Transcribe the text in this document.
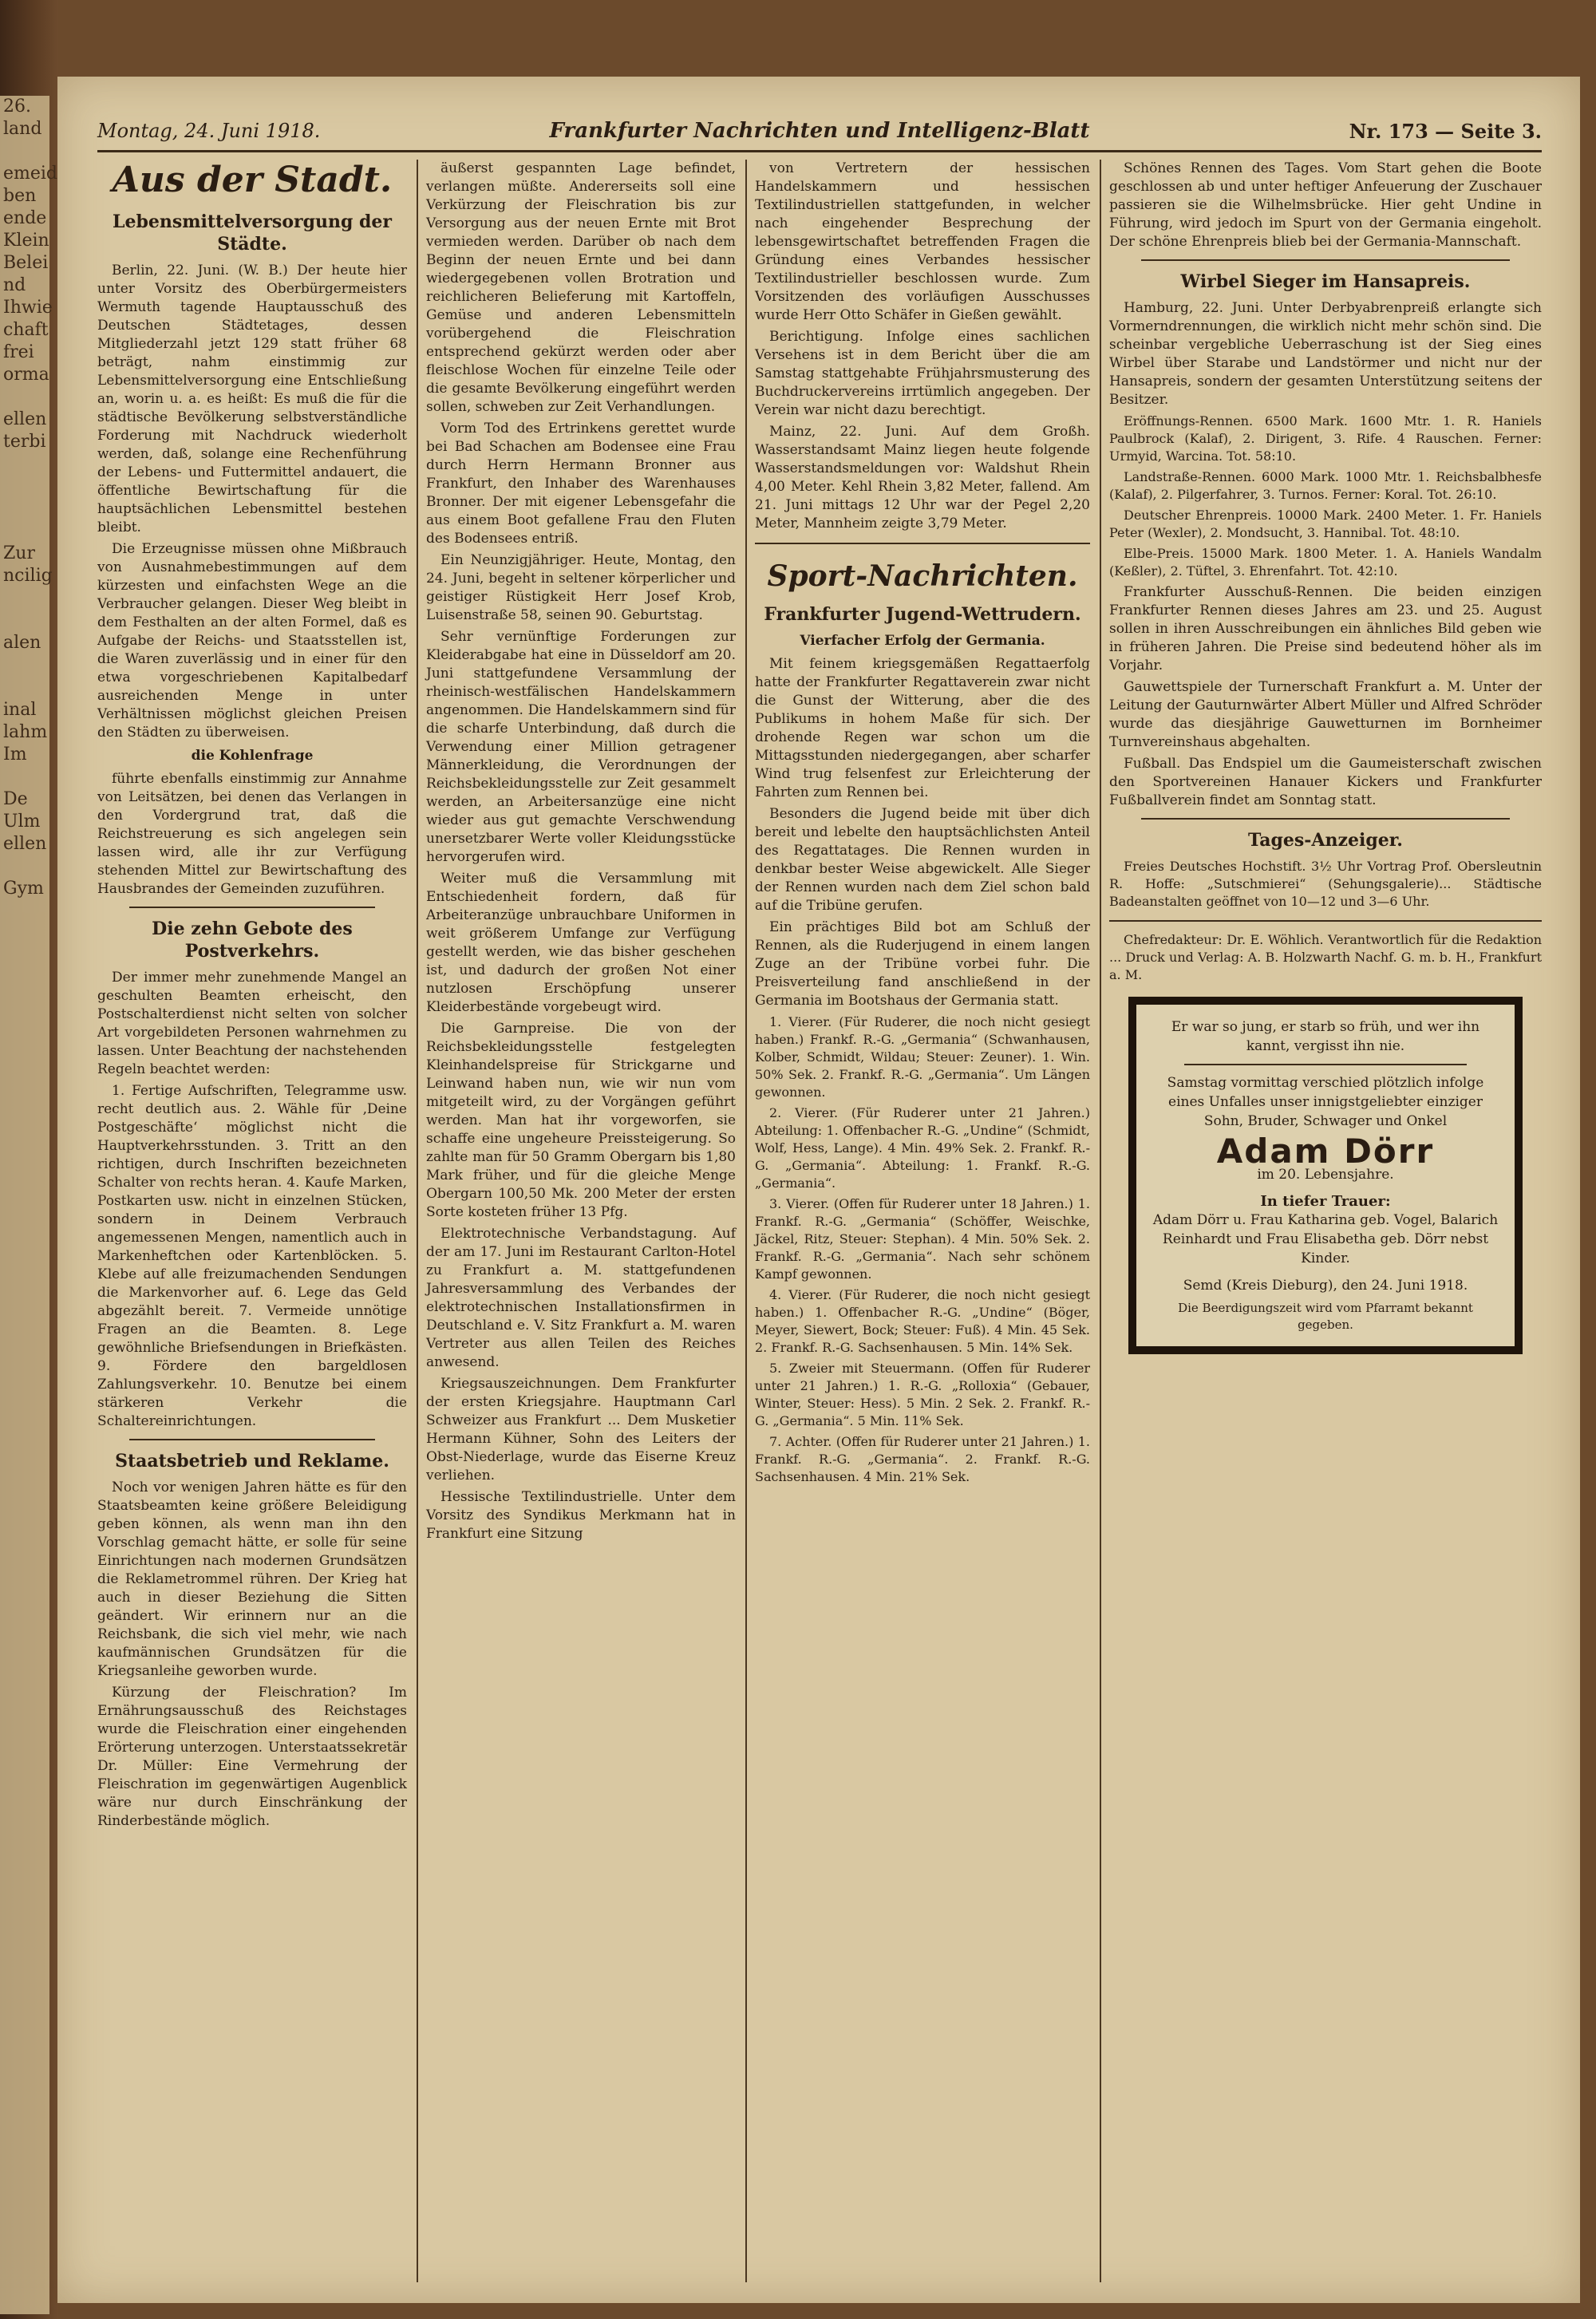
26.
land

emeid
ben
ende
Klein
Belei
nd
Ihwie
chaft
frei
orma

ellen
terbi

Zur
ncilig

alen

inal
lahm
Im

De
Ulm
ellen

Gym
Montag, 24. Juni 1918.	Frankfurter Nachrichten und Intelligenz-Blatt	Nr. 173 — Seite 3.
Aus der Stadt.
Lebensmittelversorgung der Städte.

Berlin, 22. Juni. (W. B.) Der heute hier unter Vorsitz des Oberbürgermeisters Wermuth tagende Hauptausschuß des Deutschen Städtetages, dessen Mitgliederzahl jetzt 129 statt früher 68 beträgt, nahm einstimmig zur Lebensmittelversorgung eine Entschließung an, worin u. a. es heißt: Es muß die für die städtische Bevölkerung selbstverständliche Forderung mit Nachdruck wiederholt werden, daß, solange eine Rechenführung der Lebens- und Futtermittel andauert, die öffentliche Bewirtschaftung für die hauptsächlichen Lebensmittel bestehen bleibt.

Die Erzeugnisse müssen ohne Mißbrauch von Ausnahmebestimmungen auf dem kürzesten und einfachsten Wege an die Verbraucher gelangen. Dieser Weg bleibt in dem Festhalten an der alten Formel, daß es Aufgabe der Reichs- und Staatsstellen ist, die Waren zuverlässig und in einer für den etwa vorgeschriebenen Kapitalbedarf ausreichenden Menge in unter Verhältnissen möglichst gleichen Preisen den Städten zu überweisen.

die Kohlenfrage

führte ebenfalls einstimmig zur Annahme von Leitsätzen, bei denen das Verlangen in den Vordergrund trat, daß die Reichstreuerung es sich angelegen sein lassen wird, alle ihr zur Verfügung stehenden Mittel zur Bewirtschaftung des Hausbrandes der Gemeinden zuzuführen.

Die zehn Gebote des Postverkehrs.

Der immer mehr zunehmende Mangel an geschulten Beamten erheischt, den Postschalterdienst nicht selten von solcher Art vorgebildeten Personen wahrnehmen zu lassen. Unter Beachtung der nachstehenden Regeln beachtet werden:

1. Fertige Aufschriften, Telegramme usw. recht deutlich aus. 2. Wähle für ‚Deine Postgeschäfte‘ möglichst nicht die Hauptverkehrsstunden. 3. Tritt an den richtigen, durch Inschriften bezeichneten Schalter von rechts heran. 4. Kaufe Marken, Postkarten usw. nicht in einzelnen Stücken, sondern in Deinem Verbrauch angemessenen Mengen, namentlich auch in Markenheftchen oder Kartenblöcken. 5. Klebe auf alle freizumachenden Sendungen die Markenvorher auf. 6. Lege das Geld abgezählt bereit. 7. Vermeide unnötige Fragen an die Beamten. 8. Lege gewöhnliche Briefsendungen in Briefkästen. 9. Fördere den bargeldlosen Zahlungsverkehr. 10. Benutze bei einem stärkeren Verkehr die Schaltereinrichtungen.

Staatsbetrieb und Reklame.

Noch vor wenigen Jahren hätte es für den Staatsbeamten keine größere Beleidigung geben können, als wenn man ihn den Vorschlag gemacht hätte, er solle für seine Einrichtungen nach modernen Grundsätzen die Reklametrommel rühren. Der Krieg hat auch in dieser Beziehung die Sitten geändert. Wir erinnern nur an die Reichsbank, die sich viel mehr, wie nach kaufmännischen Grundsätzen für die Kriegsanleihe geworben wurde.

Kürzung der Fleischration? Im Ernährungsausschuß des Reichstages wurde die Fleischration einer eingehenden Erörterung unterzogen. Unterstaatssekretär Dr. Müller: Eine Vermehrung der Fleischration im gegenwärtigen Augenblick wäre nur durch Einschränkung der Rinderbestände möglich.

äußerst gespannten Lage befindet, verlangen müßte. Andererseits soll eine Verkürzung der Fleischration bis zur Versorgung aus der neuen Ernte mit Brot vermieden werden. Darüber ob nach dem Beginn der neuen Ernte und bei dann wiedergegebenen vollen Brotration und reichlicheren Belieferung mit Kartoffeln, Gemüse und anderen Lebensmitteln vorübergehend die Fleischration entsprechend gekürzt werden oder aber fleischlose Wochen für einzelne Teile oder die gesamte Bevölkerung eingeführt werden sollen, schweben zur Zeit Verhandlungen.

Vorm Tod des Ertrinkens gerettet wurde bei Bad Schachen am Bodensee eine Frau durch Herrn Hermann Bronner aus Frankfurt, den Inhaber des Warenhauses Bronner. Der mit eigener Lebensgefahr die aus einem Boot gefallene Frau den Fluten des Bodensees entriß.

Ein Neunzigjähriger. Heute, Montag, den 24. Juni, begeht in seltener körperlicher und geistiger Rüstigkeit Herr Josef Krob, Luisenstraße 58, seinen 90. Geburtstag.

Sehr vernünftige Forderungen zur Kleiderabgabe hat eine in Düsseldorf am 20. Juni stattgefundene Versammlung der rheinisch-westfälischen Handelskammern angenommen. Die Handelskammern sind für die scharfe Unterbindung, daß durch die Verwendung einer Million getragener Männerkleidung, die Verordnungen der Reichsbekleidungsstelle zur Zeit gesammelt werden, an Arbeitersanzüge eine nicht wieder aus gut gemachte Verschwendung unersetzbarer Werte voller Kleidungsstücke hervorgerufen wird.

Weiter muß die Versammlung mit Entschiedenheit fordern, daß für Arbeiteranzüge unbrauchbare Uniformen in weit größerem Umfange zur Verfügung gestellt werden, wie das bisher geschehen ist, und dadurch der großen Not einer nutzlosen Erschöpfung unserer Kleiderbestände vorgebeugt wird.

Die Garnpreise. Die von der Reichsbekleidungsstelle festgelegten Kleinhandelspreise für Strickgarne und Leinwand haben nun, wie wir nun vom mitgeteilt wird, zu der Vorgängen geführt werden. Man hat ihr vorgeworfen, sie schaffe eine ungeheure Preissteigerung. So zahlte man für 50 Gramm Obergarn bis 1,80 Mark früher, und für die gleiche Menge Obergarn 100,50 Mk. 200 Meter der ersten Sorte kosteten früher 13 Pfg.

Elektrotechnische Verbandstagung. Auf der am 17. Juni im Restaurant Carlton-Hotel zu Frankfurt a. M. stattgefundenen Jahresversammlung des Verbandes der elektrotechnischen Installationsfirmen in Deutschland e. V. Sitz Frankfurt a. M. waren Vertreter aus allen Teilen des Reiches anwesend.

Kriegsauszeichnungen. Dem Frankfurter der ersten Kriegsjahre. Hauptmann Carl Schweizer aus Frankfurt ... Dem Musketier Hermann Kühner, Sohn des Leiters der Obst-Niederlage, wurde das Eiserne Kreuz verliehen.

Hessische Textilindustrielle. Unter dem Vorsitz des Syndikus Merkmann hat in Frankfurt eine Sitzung

von Vertretern der hessischen Handelskammern und hessischen Textilindustriellen stattgefunden, in welcher nach eingehender Besprechung der lebensgewirtschaftet betreffenden Fragen die Gründung eines Verbandes hessischer Textilindustrieller beschlossen wurde. Zum Vorsitzenden des vorläufigen Ausschusses wurde Herr Otto Schäfer in Gießen gewählt.

Berichtigung. Infolge eines sachlichen Versehens ist in dem Bericht über die am Samstag stattgehabte Frühjahrsmusterung des Buchdruckervereins irrtümlich angegeben. Der Verein war nicht dazu berechtigt.

Mainz, 22. Juni. Auf dem Großh. Wasserstandsamt Mainz liegen heute folgende Wasserstandsmeldungen vor: Waldshut Rhein 4,00 Meter. Kehl Rhein 3,82 Meter, fallend. Am 21. Juni mittags 12 Uhr war der Pegel 2,20 Meter, Mannheim zeigte 3,79 Meter.

Sport-Nachrichten.
Frankfurter Jugend-Wettrudern.
Vierfacher Erfolg der Germania.

Mit feinem kriegsgemäßen Regattaerfolg hatte der Frankfurter Regattaverein zwar nicht die Gunst der Witterung, aber die des Publikums in hohem Maße für sich. Der drohende Regen war schon um die Mittagsstunden niedergegangen, aber scharfer Wind trug felsenfest zur Erleichterung der Fahrten zum Rennen bei.

Besonders die Jugend beide mit über dich bereit und lebelte den hauptsächlichsten Anteil des Regattatages. Die Rennen wurden in denkbar bester Weise abgewickelt. Alle Sieger der Rennen wurden nach dem Ziel schon bald auf die Tribüne gerufen.

Ein prächtiges Bild bot am Schluß der Rennen, als die Ruderjugend in einem langen Zuge an der Tribüne vorbei fuhr. Die Preisverteilung fand anschließend in der Germania im Bootshaus der Germania statt.

1. Vierer. (Für Ruderer, die noch nicht gesiegt haben.) Frankf. R.-G. „Germania“ (Schwanhausen, Kolber, Schmidt, Wildau; Steuer: Zeuner). 1. Win. 50% Sek. 2. Frankf. R.-G. „Germania“. Um Längen gewonnen.

2. Vierer. (Für Ruderer unter 21 Jahren.) Abteilung: 1. Offenbacher R.-G. „Undine“ (Schmidt, Wolf, Hess, Lange). 4 Min. 49% Sek. 2. Frankf. R.-G. „Germania“. Abteilung: 1. Frankf. R.-G. „Germania“.

3. Vierer. (Offen für Ruderer unter 18 Jahren.) 1. Frankf. R.-G. „Germania“ (Schöffer, Weischke, Jäckel, Ritz, Steuer: Stephan). 4 Min. 50% Sek. 2. Frankf. R.-G. „Germania“. Nach sehr schönem Kampf gewonnen.

4. Vierer. (Für Ruderer, die noch nicht gesiegt haben.) 1. Offenbacher R.-G. „Undine“ (Böger, Meyer, Siewert, Bock; Steuer: Fuß). 4 Min. 45 Sek. 2. Frankf. R.-G. Sachsenhausen. 5 Min. 14% Sek.

5. Zweier mit Steuermann. (Offen für Ruderer unter 21 Jahren.) 1. R.-G. „Rolloxia“ (Gebauer, Winter, Steuer: Hess). 5 Min. 2 Sek. 2. Frankf. R.-G. „Germania“. 5 Min. 11% Sek.

7. Achter. (Offen für Ruderer unter 21 Jahren.) 1. Frankf. R.-G. „Germania“. 2. Frankf. R.-G. Sachsenhausen. 4 Min. 21% Sek.

Schönes Rennen des Tages. Vom Start gehen die Boote geschlossen ab und unter heftiger Anfeuerung der Zuschauer passieren sie die Wilhelmsbrücke. Hier geht Undine in Führung, wird jedoch im Spurt von der Germania eingeholt. Der schöne Ehrenpreis blieb bei der Germania-Mannschaft.

Wirbel Sieger im Hansapreis.

Hamburg, 22. Juni. Unter Derbyabrenpreiß erlangte sich Vormerndrennungen, die wirklich nicht mehr schön sind. Die scheinbar vergebliche Ueberraschung ist der Sieg eines Wirbel über Starabe und Landstörmer und nicht nur der Hansapreis, sondern der gesamten Unterstützung seitens der Besitzer.

Eröffnungs-Rennen. 6500 Mark. 1600 Mtr. 1. R. Haniels Paulbrock (Kalaf), 2. Dirigent, 3. Rife. 4 Rauschen. Ferner: Urmyid, Warcina. Tot. 58:10.

Landstraße-Rennen. 6000 Mark. 1000 Mtr. 1. Reichsbalbhesfe (Kalaf), 2. Pilgerfahrer, 3. Turnos. Ferner: Koral. Tot. 26:10.

Deutscher Ehrenpreis. 10000 Mark. 2400 Meter. 1. Fr. Haniels Peter (Wexler), 2. Mondsucht, 3. Hannibal. Tot. 48:10.

Elbe-Preis. 15000 Mark. 1800 Meter. 1. A. Haniels Wandalm (Keßler), 2. Tüftel, 3. Ehrenfahrt. Tot. 42:10.

Frankfurter Ausschuß-Rennen. Die beiden einzigen Frankfurter Rennen dieses Jahres am 23. und 25. August sollen in ihren Ausschreibungen ein ähnliches Bild geben wie in früheren Jahren. Die Preise sind bedeutend höher als im Vorjahr.

Gauwettspiele der Turnerschaft Frankfurt a. M. Unter der Leitung der Gauturnwärter Albert Müller und Alfred Schröder wurde das diesjährige Gauwetturnen im Bornheimer Turnvereinshaus abgehalten.

Fußball. Das Endspiel um die Gaumeisterschaft zwischen den Sportvereinen Hanauer Kickers und Frankfurter Fußballverein findet am Sonntag statt.

Tages-Anzeiger.

Freies Deutsches Hochstift. 3½ Uhr Vortrag Prof. Obersleutnin R. Hoffe: „Sutschmierei“ (Sehungsgalerie)... Städtische Badeanstalten geöffnet von 10—12 und 3—6 Uhr.

Chefredakteur: Dr. E. Wöhlich. Verantwortlich für die Redaktion ... Druck und Verlag: A. B. Holzwarth Nachf. G. m. b. H., Frankfurt a. M.

Er war so jung, er starb so früh, und wer ihn kannt, vergisst ihn nie.
Samstag vormittag verschied plötzlich infolge eines Unfalles unser innigstgeliebter einziger Sohn, Bruder, Schwager und Onkel
Adam Dörr
im 20. Lebensjahre.
In tiefer Trauer:
Adam Dörr u. Frau Katharina geb. Vogel, Balarich Reinhardt und Frau Elisabetha geb. Dörr nebst Kinder.
Semd (Kreis Dieburg), den 24. Juni 1918.
Die Beerdigungszeit wird vom Pfarramt bekannt gegeben.
